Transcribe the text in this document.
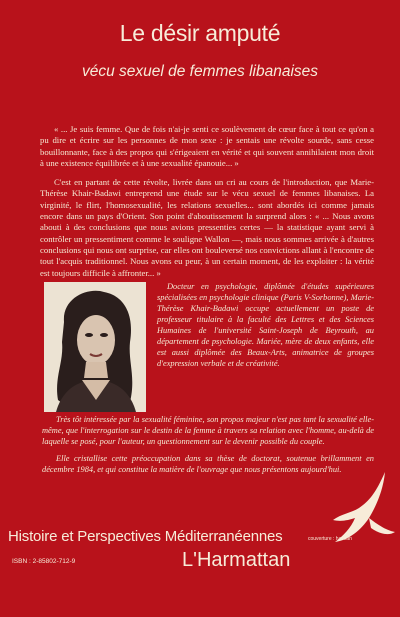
Le désir amputé
vécu sexuel de femmes libanaises

« ... Je suis femme. Que de fois n'ai-je senti ce soulèvement de cœur face à tout ce qu'on a pu dire et écrire sur les personnes de mon sexe : je sentais une révolte sourde, sans cesse bouillonnante, face à des propos qui s'érigeaient en vérité et qui souvent annihilaient mon droit à une existence équilibrée et à une sexualité épanouie... »

C'est en partant de cette révolte, livrée dans un cri au cours de l'introduction, que Marie-Thérèse Khair-Badawi entreprend une étude sur le vécu sexuel de femmes libanaises. La virginité, le flirt, l'homosexualité, les relations sexuelles... sont abordés ici comme jamais encore dans un pays d'Orient. Son point d'aboutissement la surprend alors : « ... Nous avons abouti à des conclusions que nous avions pressenties certes — la statistique ayant servi à contrôler un pressentiment comme le souligne Wallon —, mais nous sommes arrivée à d'autres conclusions qui nous ont surprise, car elles ont bouleversé nos convictions allant à l'encontre de tout l'acquis traditionnel. Nous avons eu peur, à un certain moment, de les exploiter : la vérité est toujours difficile à affronter... »

Docteur en psychologie, diplômée d'études supérieures spécialisées en psychologie clinique (Paris V-Sorbonne), Marie-Thérèse Khair-Badawi occupe actuellement un poste de professeur titulaire à la faculté des Lettres et des Sciences Humaines de l'université Saint-Joseph de Beyrouth, au département de psychologie. Mariée, mère de deux enfants, elle est aussi diplômée des Beaux-Arts, animatrice de groupes d'expression verbale et de créativité.

Très tôt intéressée par la sexualité féminine, son propos majeur n'est pas tant la sexualité elle-même, que l'interrogation sur le destin de la femme à travers sa relation avec l'homme, au-delà de laquelle se posé, pour l'auteur, un questionnement sur le devenir possible du couple.

Elle cristallise cette préoccupation dans sa thèse de doctorat, soutenue brillamment en décembre 1984, et qui constitue la matière de l'ouvrage que nous présentons aujourd'hui.

couverture : hassan
Histoire et Perspectives Méditerranéennes
ISBN : 2-85802-712-9	L'Harmattan
